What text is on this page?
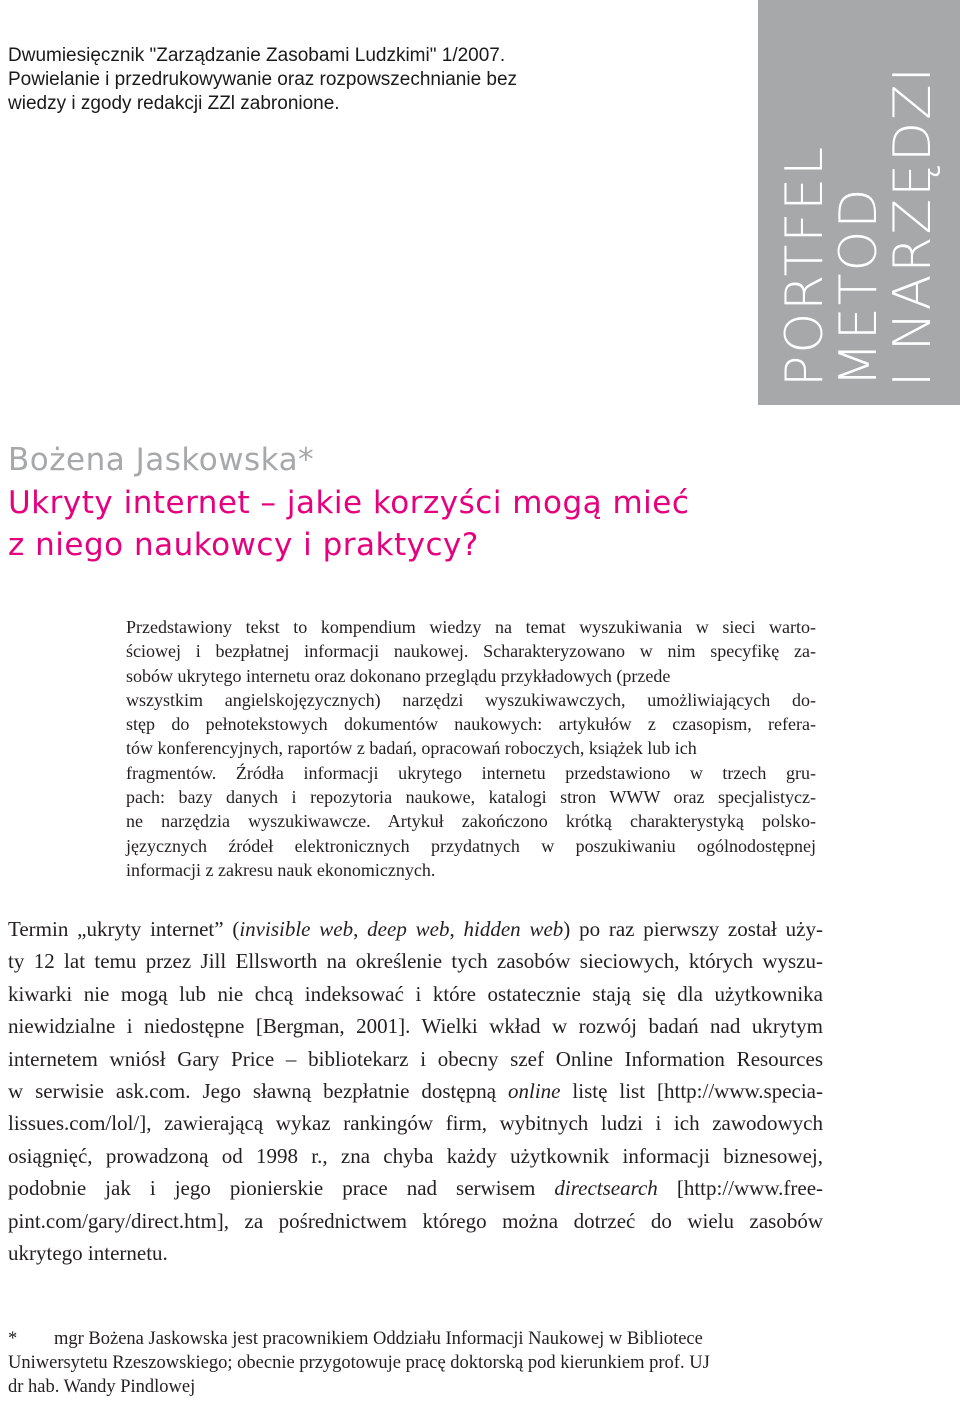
Dwumiesięcznik "Zarządzanie Zasobami Ludzkimi" 1/2007.
Powielanie i przedrukowywanie oraz rozpowszechnianie bez
wiedzy i zgody redakcji ZZl zabronione.
PORTFEL
METOD
I NARZĘDZI
Bożena Jaskowska*
Ukryty internet – jakie korzyści mogą mieć
z niego naukowcy i praktycy?
Przedstawiony tekst to kompendium wiedzy na temat wyszukiwania w sieci warto-
ściowej i bezpłatnej informacji naukowej. Scharakteryzowano w nim specyfikę za-
sobów ukrytego internetu oraz dokonano przeglądu przykładowych (przede
wszystkim angielskojęzycznych) narzędzi wyszukiwawczych, umożliwiających do-
stęp do pełnotekstowych dokumentów naukowych: artykułów z czasopism, refera-
tów konferencyjnych, raportów z badań, opracowań roboczych, książek lub ich
fragmentów. Źródła informacji ukrytego internetu przedstawiono w trzech gru-
pach: bazy danych i repozytoria naukowe, katalogi stron WWW oraz specjalistycz-
ne narzędzia wyszukiwawcze. Artykuł zakończono krótką charakterystyką polsko-
języcznych źródeł elektronicznych przydatnych w poszukiwaniu ogólnodostępnej
informacji z zakresu nauk ekonomicznych.
Termin „ukryty internet” (invisible web, deep web, hidden web) po raz pierwszy został uży-
ty 12 lat temu przez Jill Ellsworth na określenie tych zasobów sieciowych, których wyszu-
kiwarki nie mogą lub nie chcą indeksować i które ostatecznie stają się dla użytkownika
niewidzialne i niedostępne [Bergman, 2001]. Wielki wkład w rozwój badań nad ukrytym
internetem wniósł Gary Price – bibliotekarz i obecny szef Online Information Resources
w serwisie ask.com. Jego sławną bezpłatnie dostępną online listę list [http://www.specia-
lissues.com/lol/], zawierającą wykaz rankingów firm, wybitnych ludzi i ich zawodowych
osiągnięć, prowadzoną od 1998 r., zna chyba każdy użytkownik informacji biznesowej,
podobnie jak i jego pionierskie prace nad serwisem directsearch [http://www.free-
pint.com/gary/direct.htm], za pośrednictwem którego można dotrzeć do wielu zasobów
ukrytego internetu.
* mgr Bożena Jaskowska jest pracownikiem Oddziału Informacji Naukowej w Bibliotece
Uniwersytetu Rzeszowskiego; obecnie przygotowuje pracę doktorską pod kierunkiem prof. UJ
dr hab. Wandy Pindlowej
